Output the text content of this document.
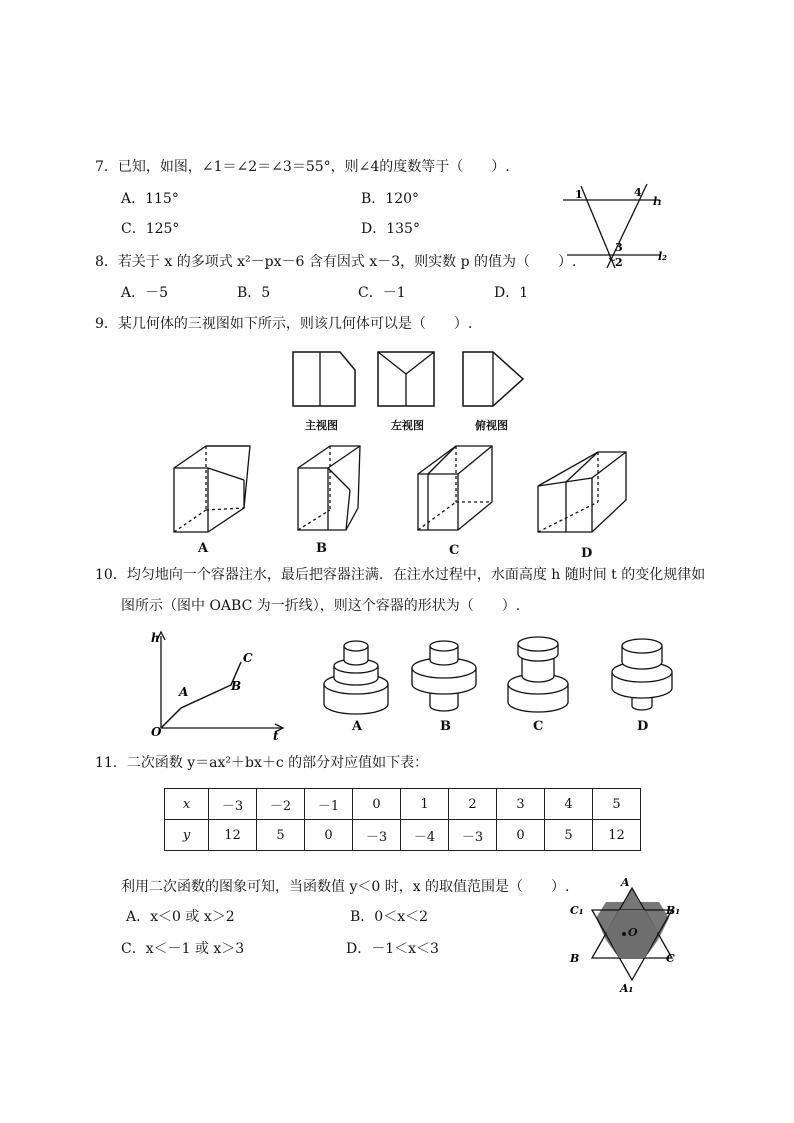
7．已知，如图，∠1＝∠2＝∠3＝55°，则∠4的度数等于（　　）.
A．115°	B．120°
C．125°	D．135°
1	4
l₁
3
2	l₂
8．若关于 x 的多项式 x²－px－6 含有因式 x－3，则实数 p 的值为（　　）.
A．－5	B．5	C．－1	D．1
9．某几何体的三视图如下所示，则该几何体可以是（　　）.
主视图	左视图	俯视图
A	B	C	D
10．均匀地向一个容器注水，最后把容器注满．在注水过程中，水面高度 h 随时间 t 的变化规律如
图所示（图中 OABC 为一折线），则这个容器的形状为（　　）.
h
t
O
A	B
C
A	B	C	D
11．二次函数 y＝ax²＋bx＋c 的部分对应值如下表：
x	－3	－2	－1	0	1	2	3	4	5
y	12	5	0	－3	－4	－3	0	5	12
利用二次函数的图象可知，当函数值 y＜0 时，x 的取值范围是（　　）.
A．x＜0 或 x＞2	B．0＜x＜2
C．x＜－1 或 x＞3	D．－1＜x＜3
A
C₁	B₁
O
B	C
A₁
